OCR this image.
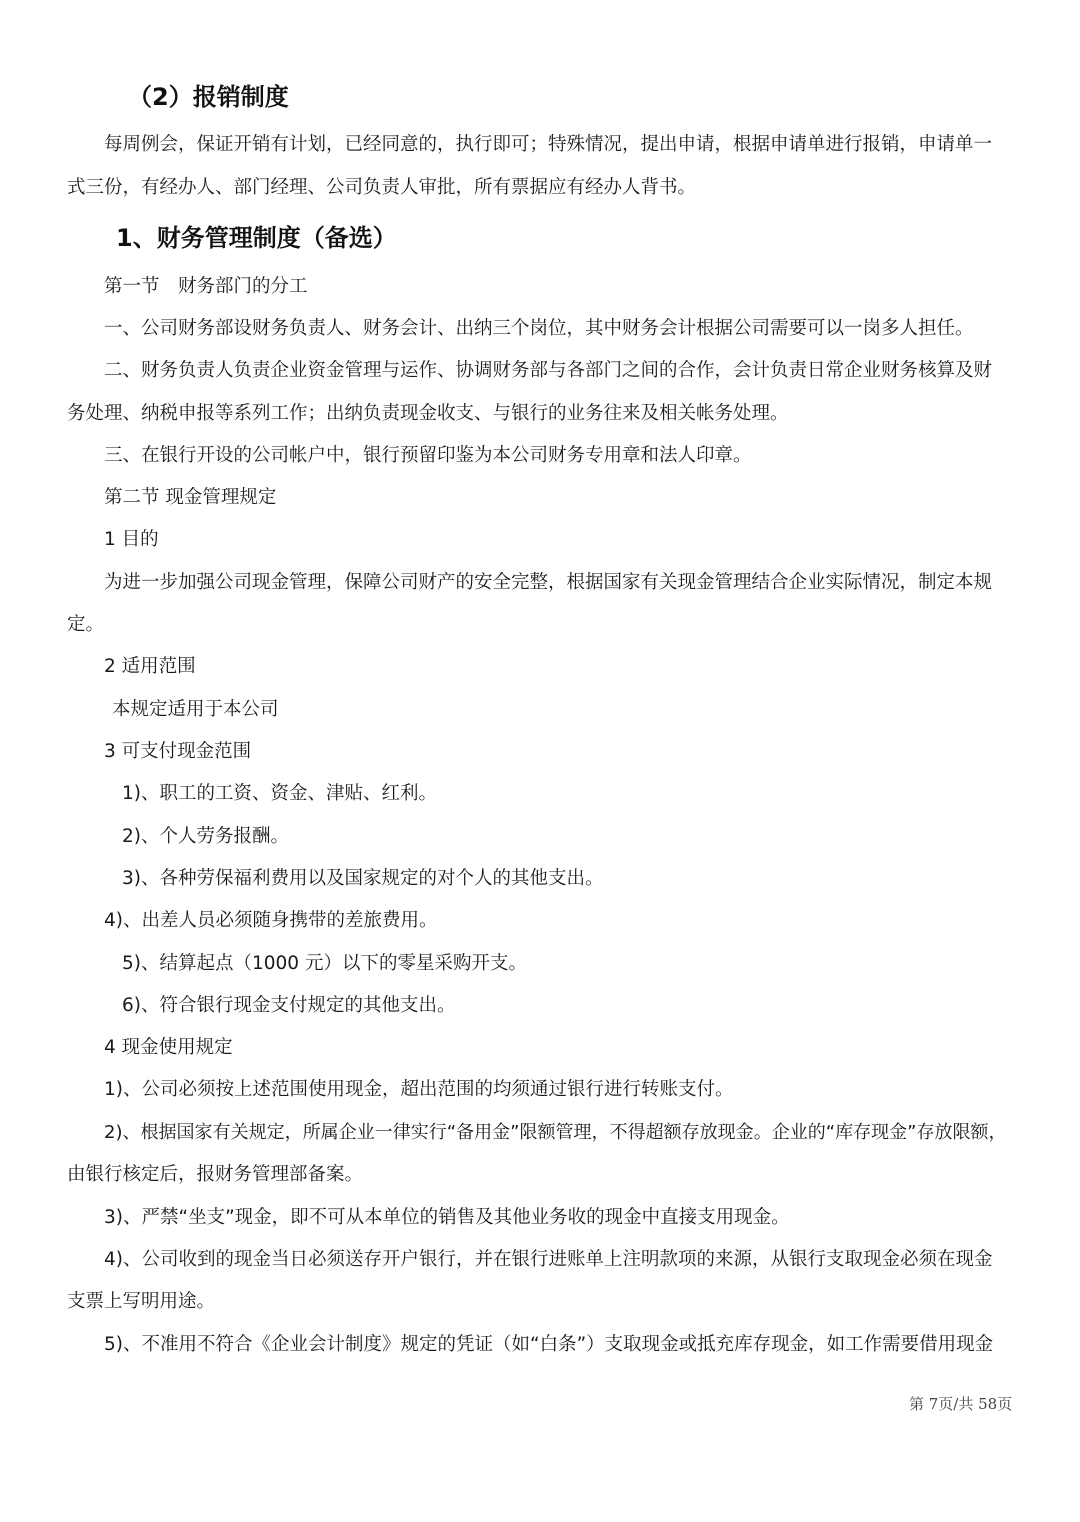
（2）报销制度
每周例会，保证开销有计划，已经同意的，执行即可；特殊情况，提出申请，根据申请单进行报销，申请单一
式三份，有经办人、部门经理、公司负责人审批，所有票据应有经办人背书。
1、财务管理制度（备选）
第一节　财务部门的分工
一、公司财务部设财务负责人、财务会计、出纳三个岗位，其中财务会计根据公司需要可以一岗多人担任。
二、财务负责人负责企业资金管理与运作、协调财务部与各部门之间的合作，会计负责日常企业财务核算及财
务处理、纳税申报等系列工作；出纳负责现金收支、与银行的业务往来及相关帐务处理。
三、在银行开设的公司帐户中，银行预留印鉴为本公司财务专用章和法人印章。
第二节 现金管理规定
1 目的
为进一步加强公司现金管理，保障公司财产的安全完整，根据国家有关现金管理结合企业实际情况，制定本规
定。
2 适用范围
本规定适用于本公司
3 可支付现金范围
1)、职工的工资、资金、津贴、红利。
2)、个人劳务报酬。
3)、各种劳保福利费用以及国家规定的对个人的其他支出。
4)、出差人员必须随身携带的差旅费用。
5)、结算起点（1000 元）以下的零星采购开支。
6)、符合银行现金支付规定的其他支出。
4 现金使用规定
1)、公司必须按上述范围使用现金，超出范围的均须通过银行进行转账支付。
2)、根据国家有关规定，所属企业一律实行“备用金”限额管理，不得超额存放现金。企业的“库存现金”存放限额，
由银行核定后，报财务管理部备案。
3)、严禁“坐支”现金，即不可从本单位的销售及其他业务收的现金中直接支用现金。
4)、公司收到的现金当日必须送存开户银行，并在银行进账单上注明款项的来源，从银行支取现金必须在现金
支票上写明用途。
5)、不准用不符合《企业会计制度》规定的凭证（如“白条”）支取现金或抵充库存现金，如工作需要借用现金
第 7页/共 58页
